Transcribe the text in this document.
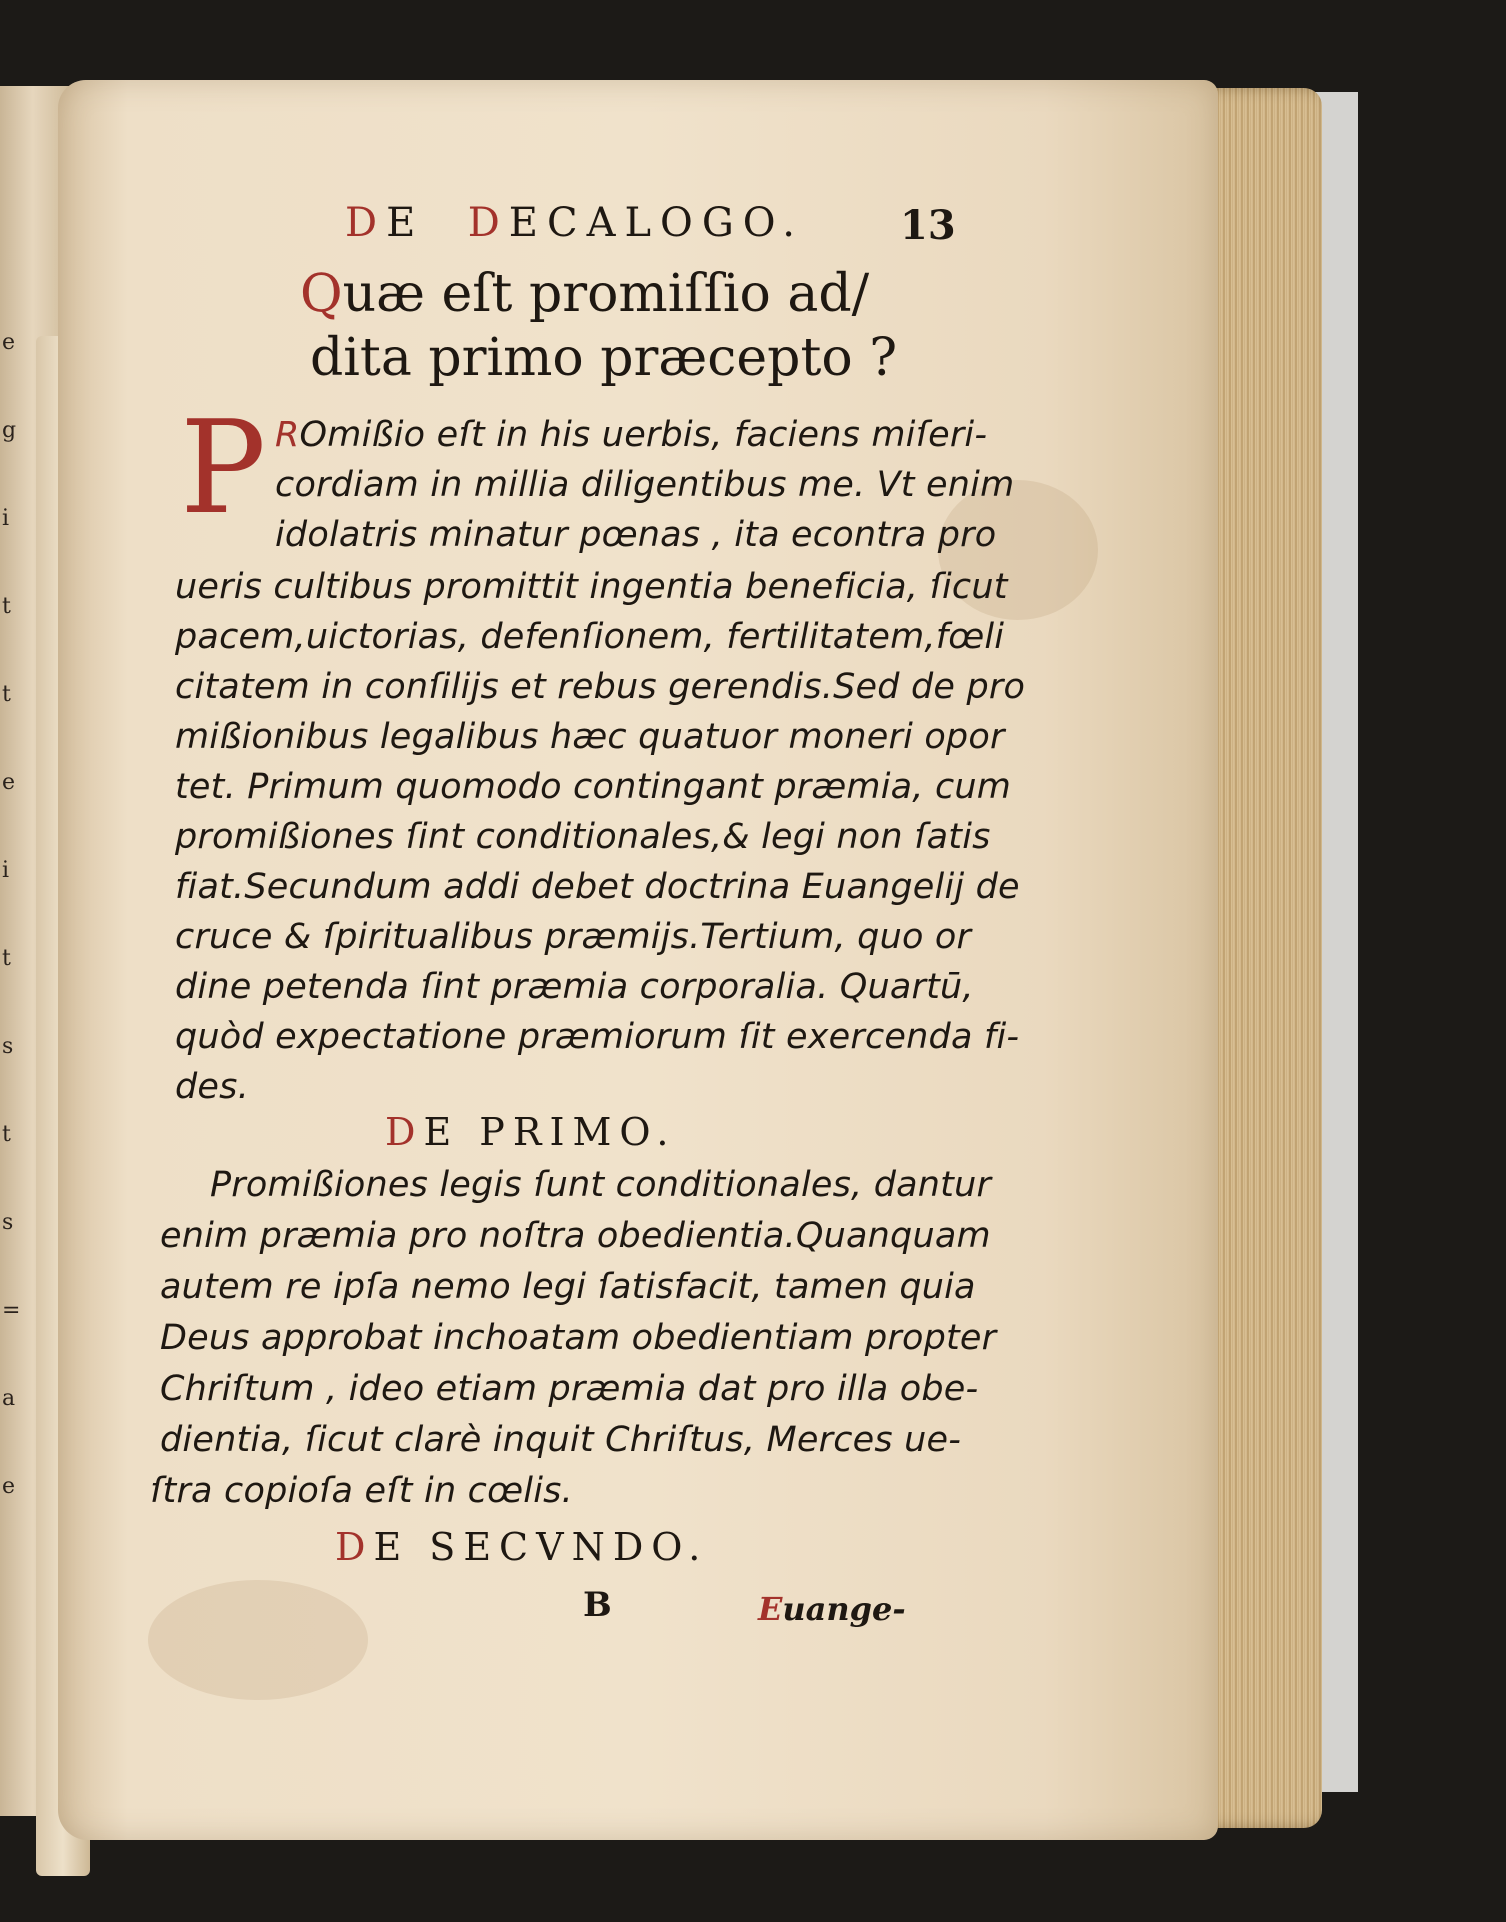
e
g
i
t
t
e
i
t
s
t
s
=
a
e
DE DECALOGO. 13
Quæ eſt promiſſio ad/
dita primo præcepto ?
P ROmißio eſt in his uerbis, faciens miſeri-
cordiam in millia diligentibus me. Vt enim
idolatris minatur pœnas , ita econtra pro
ueris cultibus promittit ingentia beneficia, ſicut
pacem,uictorias, defenſionem, fertilitatem,fœli
citatem in conſilijs et rebus gerendis.Sed de pro
mißionibus legalibus hæc quatuor moneri opor
tet. Primum quomodo contingant præmia, cum
promißiones ſint conditionales,& legi non ſatis
fiat.Secundum addi debet doctrina Euangelij de
cruce & ſpiritualibus præmijs.Tertium, quo or
dine petenda ſint præmia corporalia. Quartū,
quòd expectatione præmiorum ſit exercenda fi-
des.
DE PRIMO.
Promißiones legis ſunt conditionales, dantur
enim præmia pro noſtra obedientia.Quanquam
autem re ipſa nemo legi ſatisfacit, tamen quia
Deus approbat inchoatam obedientiam propter
Chriſtum , ideo etiam præmia dat pro illa obe-
dientia, ſicut clarè inquit Chriſtus, Merces ue-
ſtra copioſa eſt in cœlis.
DE SECVNDO.
B	Euange-
